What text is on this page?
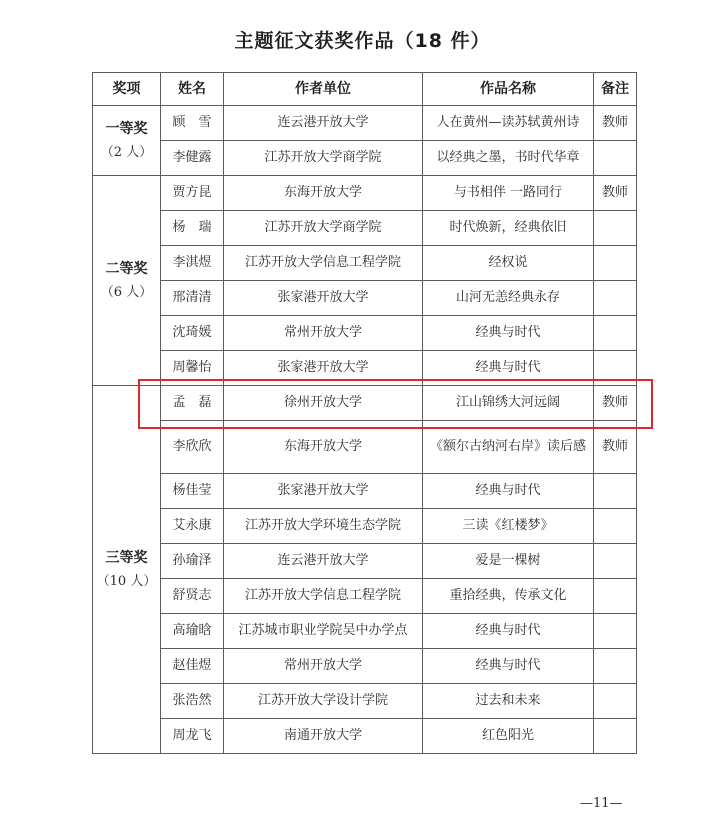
主题征文获奖作品（18 件）
奖项	姓名	作者单位	作品名称	备注

一等奖
（2 人）	顾　雪	连云港开放大学	人在黄州—读苏轼黄州诗	教师
	李健露	江苏开放大学商学院	以经典之墨，书时代华章	

二等奖
（6 人）	贾方昆	东海开放大学	与书相伴 一路同行	教师
	杨　瑞	江苏开放大学商学院	时代焕新，经典依旧	
	李淇煜	江苏开放大学信息工程学院	经权说	
	邢清清	张家港开放大学	山河无恙经典永存	
	沈琦媛	常州开放大学	经典与时代	
	周馨怡	张家港开放大学	经典与时代	

三等奖
（10 人）	孟　磊	徐州开放大学	江山锦绣大河远阔	教师
	李欣欣	东海开放大学	《额尔古纳河右岸》读后感	教师
	杨佳莹	张家港开放大学	经典与时代	
	艾永康	江苏开放大学环境生态学院	三读《红楼梦》	
	孙瑜泽	连云港开放大学	爱是一棵树	
	舒贤志	江苏开放大学信息工程学院	重拾经典，传承文化	
	高瑜晗	江苏城市职业学院吴中办学点	经典与时代	
	赵佳煜	常州开放大学	经典与时代	
	张浩然	江苏开放大学设计学院	过去和未来	
	周龙飞	南通开放大学	红色阳光	
—11—
